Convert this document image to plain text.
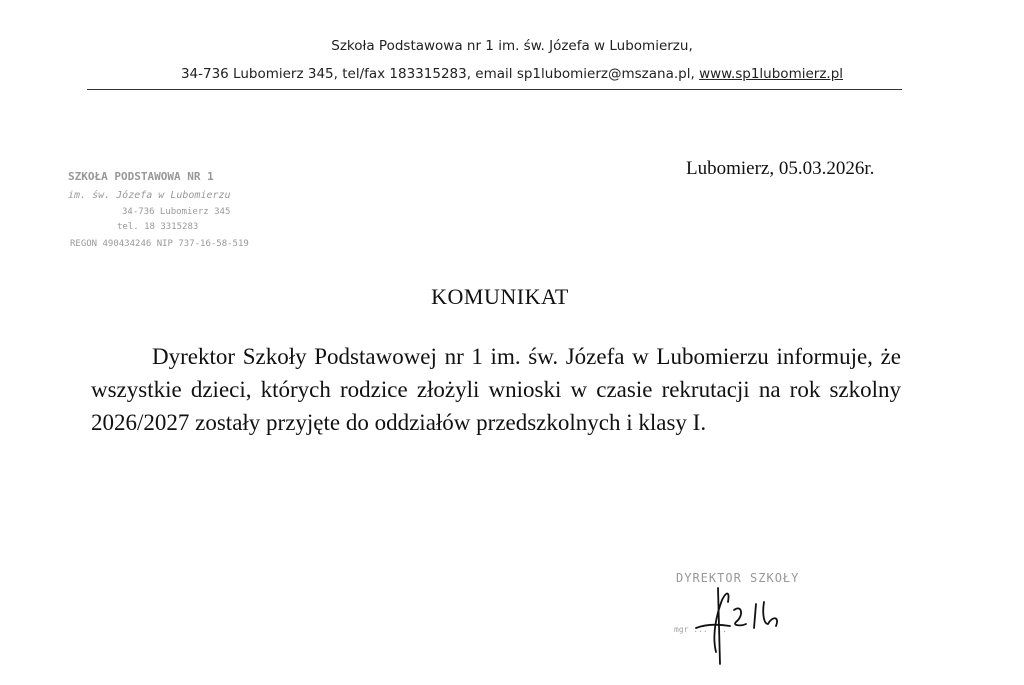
Szkoła Podstawowa nr 1 im. św. Józefa w Lubomierzu,
34-736 Lubomierz 345, tel/fax 183315283, email sp1lubomierz@mszana.pl, www.sp1lubomierz.pl
SZKOŁA PODSTAWOWA NR 1
im. św. Józefa w Lubomierzu
34-736 Lubomierz 345
tel. 18 3315283
REGON 490434246 NIP 737-16-58-519
Lubomierz, 05.03.2026r.
KOMUNIKAT

Dyrektor Szkoły Podstawowej nr 1 im. św. Józefa w Lubomierzu informuje, że wszystkie dzieci, których rodzice złożyli wnioski w czasie rekrutacji na rok szkolny 2026/2027 zostały przyjęte do oddziałów przedszkolnych i klasy I.

DYREKTOR SZKOŁY
mgr ... ...
